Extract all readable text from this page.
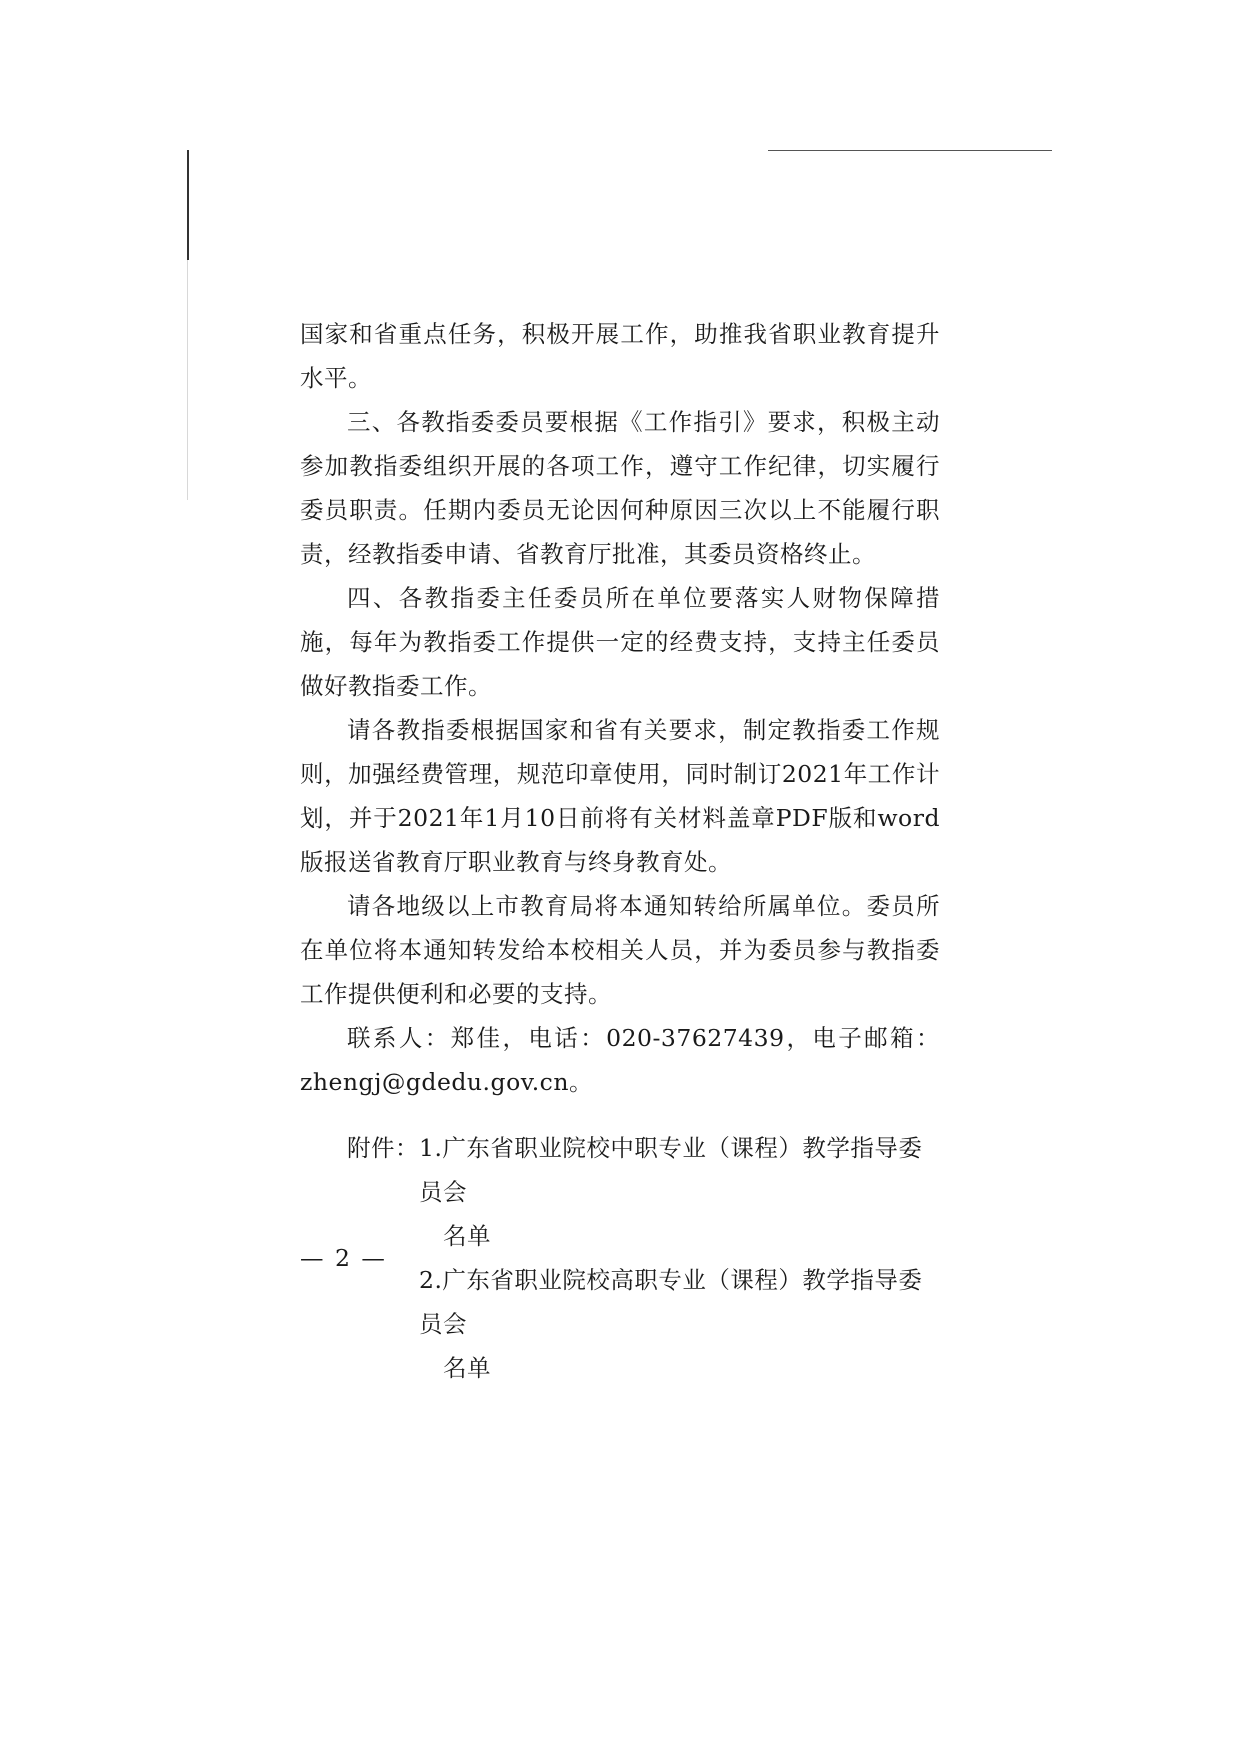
国家和省重点任务，积极开展工作，助推我省职业教育提升水平。

三、各教指委委员要根据《工作指引》要求，积极主动参加教指委组织开展的各项工作，遵守工作纪律，切实履行委员职责。任期内委员无论因何种原因三次以上不能履行职责，经教指委申请、省教育厅批准，其委员资格终止。

四、各教指委主任委员所在单位要落实人财物保障措施，每年为教指委工作提供一定的经费支持，支持主任委员做好教指委工作。

请各教指委根据国家和省有关要求，制定教指委工作规则，加强经费管理，规范印章使用，同时制订2021年工作计划，并于2021年1月10日前将有关材料盖章PDF版和word版报送省教育厅职业教育与终身教育处。

请各地级以上市教育局将本通知转给所属单位。委员所在单位将本通知转发给本校相关人员，并为委员参与教指委工作提供便利和必要的支持。

联系人：郑佳，电话：020-37627439，电子邮箱：zhengj@gdedu.gov.cn。

附件： 1.广东省职业院校中职专业（课程）教学指导委员会
名单
2.广东省职业院校高职专业（课程）教学指导委员会
名单
— 2 —
